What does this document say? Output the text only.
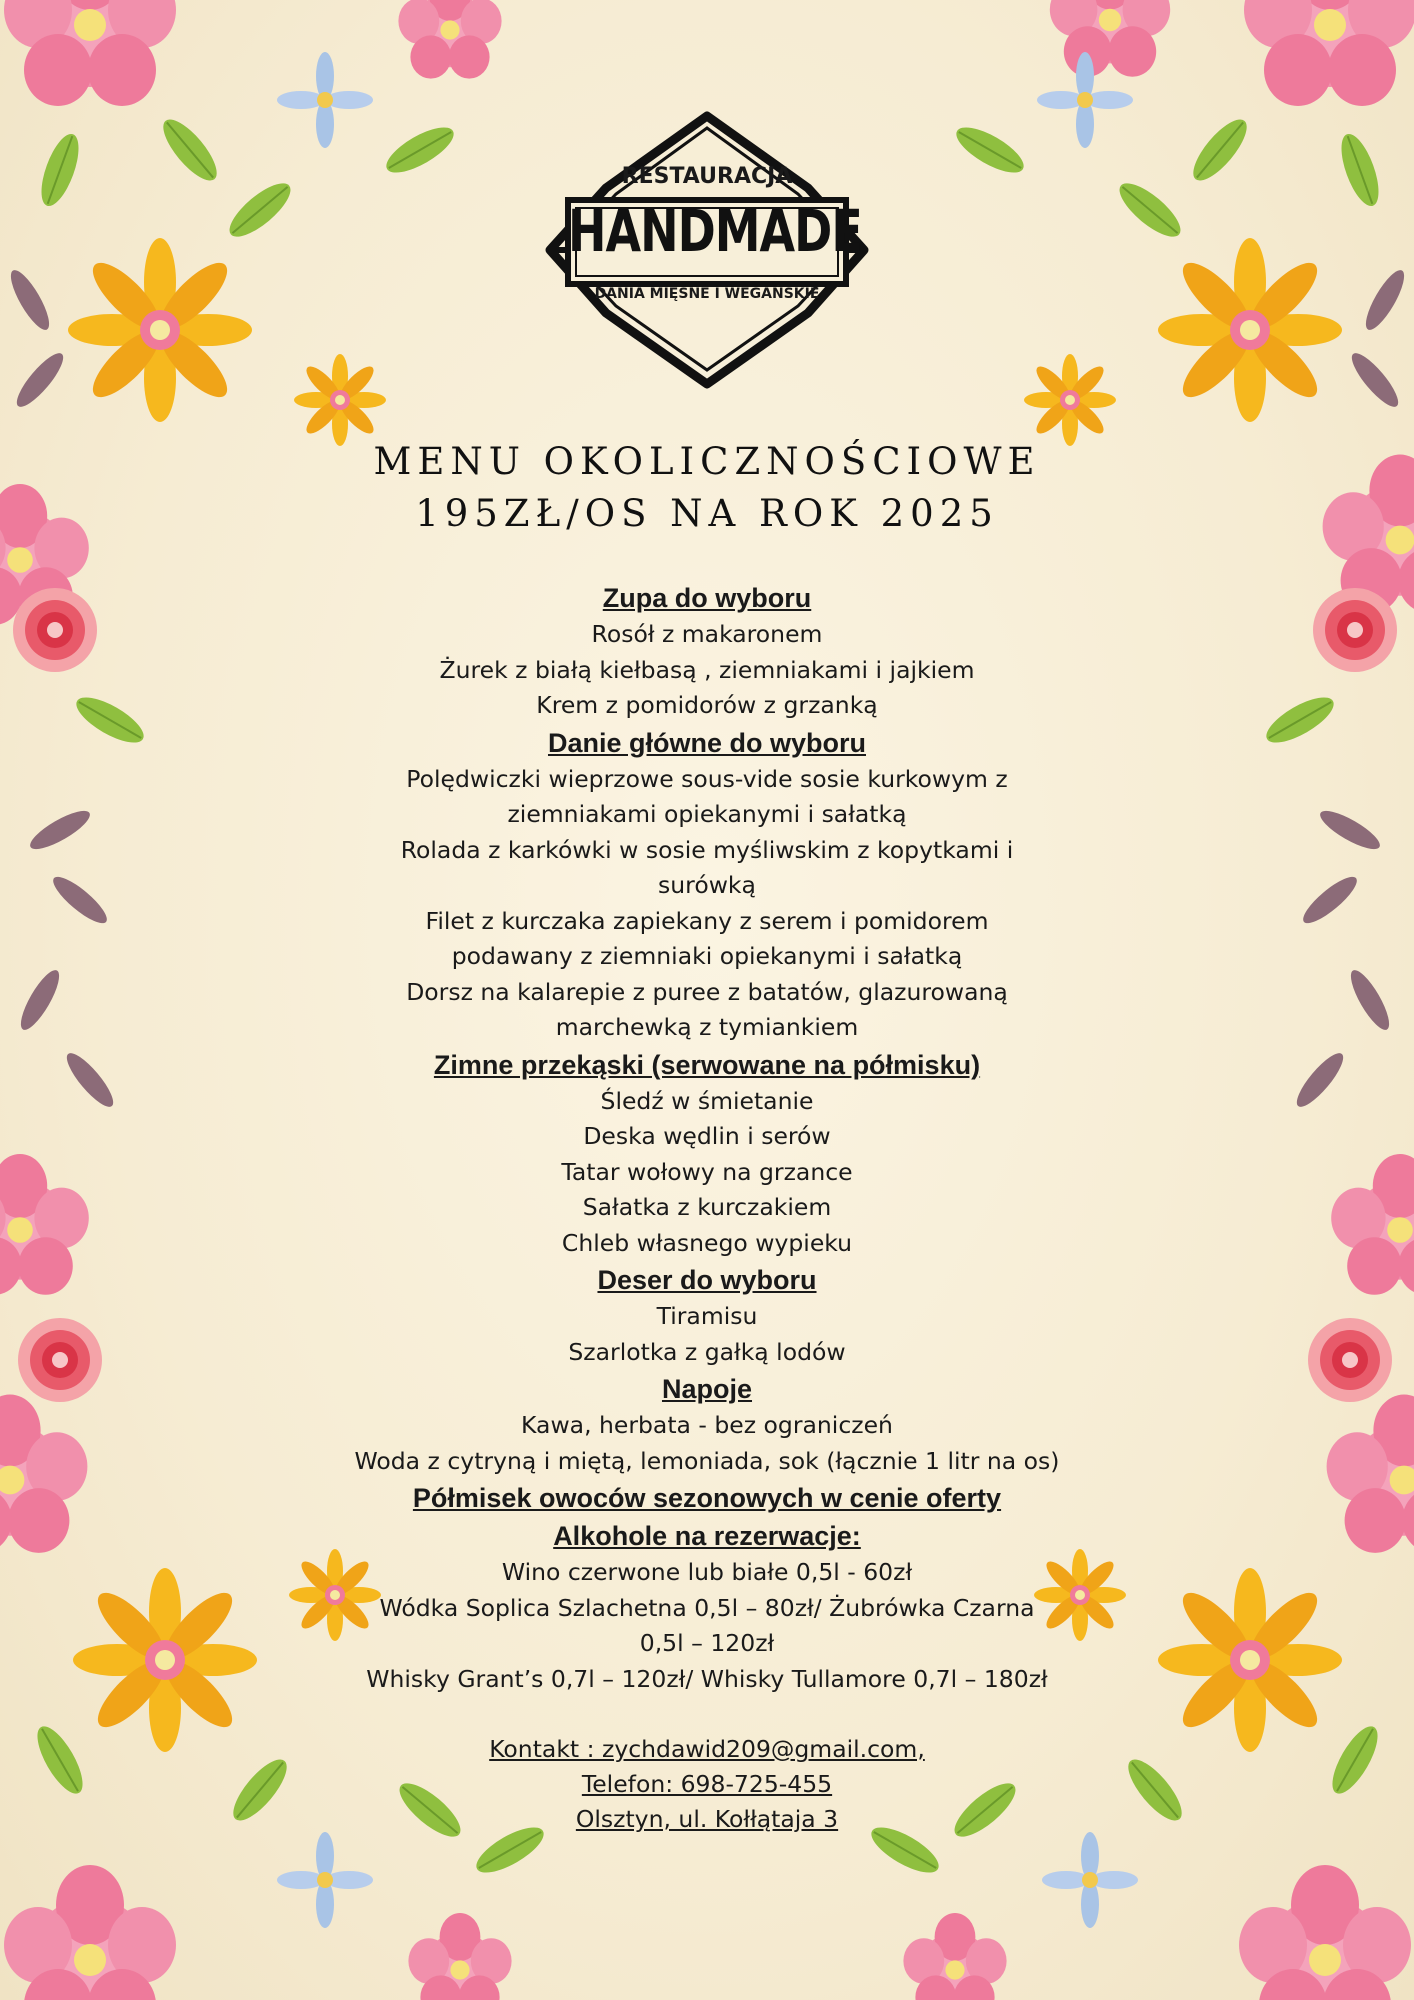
RESTAURACJA
HANDMADE
DANIA MIĘSNE I WEGAŃSKIE
MENU OKOLICZNOŚCIOWE
195ZŁ/OS NA ROK 2025
Zupa do wyboru
Rosół z makaronem
Żurek z białą kiełbasą , ziemniakami i jajkiem
Krem z pomidorów z grzanką
Danie główne do wyboru
Polędwiczki wieprzowe sous-vide sosie kurkowym z
ziemniakami opiekanymi i sałatką
Rolada z karkówki w sosie myśliwskim z kopytkami i
surówką
Filet z kurczaka zapiekany z serem i pomidorem
podawany z ziemniaki opiekanymi i sałatką
Dorsz na kalarepie z puree z batatów, glazurowaną
marchewką z tymiankiem
Zimne przekąski (serwowane na półmisku)
Śledź w śmietanie
Deska wędlin i serów
Tatar wołowy na grzance
Sałatka z kurczakiem
Chleb własnego wypieku
Deser do wyboru
Tiramisu
Szarlotka z gałką lodów
Napoje
Kawa, herbata - bez ograniczeń
Woda z cytryną i miętą, lemoniada, sok (łącznie 1 litr na os)
Półmisek owoców sezonowych w cenie oferty
Alkohole na rezerwacje:
Wino czerwone lub białe 0,5l - 60zł
Wódka Soplica Szlachetna 0,5l – 80zł/ Żubrówka Czarna
0,5l – 120zł
Whisky Grant’s 0,7l – 120zł/ Whisky Tullamore 0,7l – 180zł
Kontakt : zychdawid209@gmail.com,
Telefon: 698-725-455
Olsztyn, ul. Kołłątaja 3
